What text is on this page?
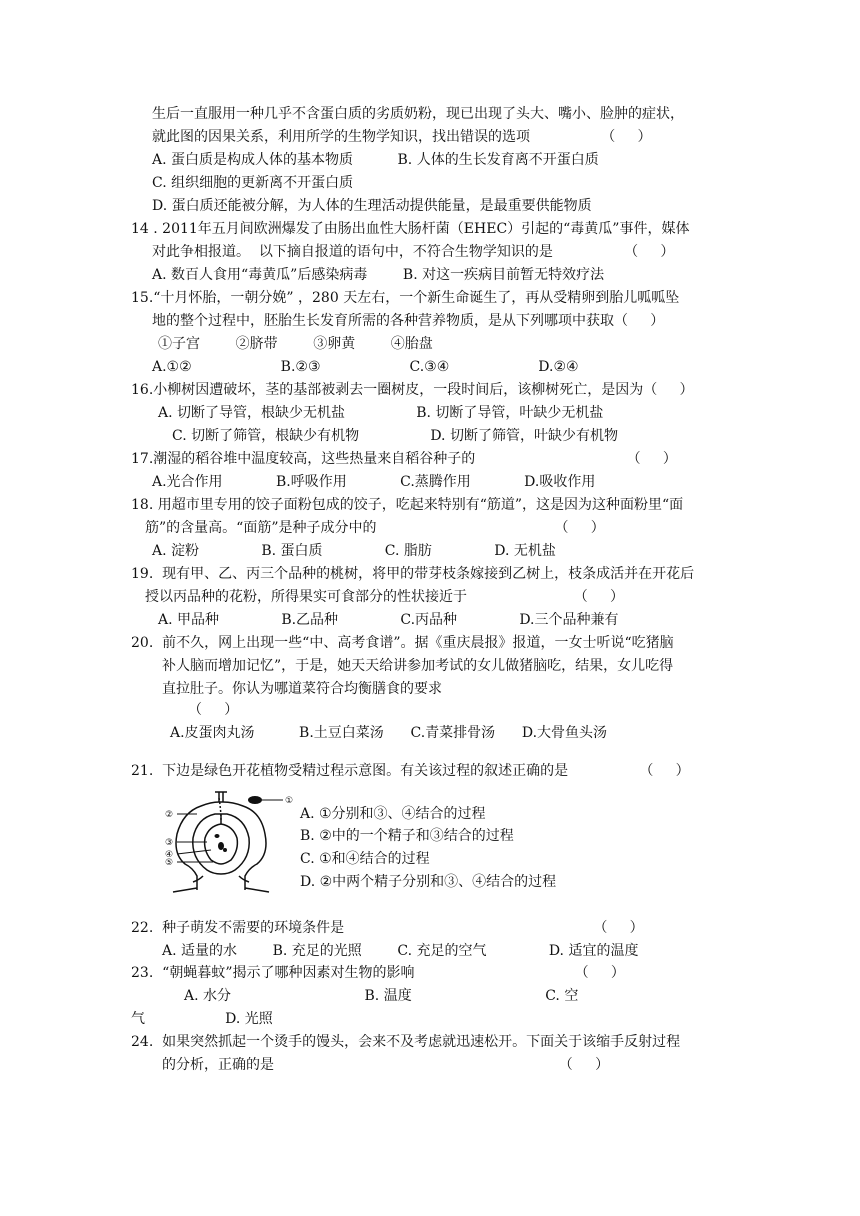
生后一直服用一种几乎不含蛋白质的劣质奶粉，现已出现了头大、嘴小、脸肿的症状，
就此图的因果关系，利用所学的生物学知识，找出错误的选项                （     ）
A. 蛋白质是构成人体的基本物质          B. 人体的生长发育离不开蛋白质
C. 组织细胞的更新离不开蛋白质
D. 蛋白质还能被分解，为人体的生理活动提供能量，是最重要供能物质
14 . 2011年五月间欧洲爆发了由肠出血性大肠杆菌（EHEC）引起的“毒黄瓜”事件，媒体
对此争相报道。  以下摘自报道的语句中，不符合生物学知识的是                （     ）
A. 数百人食用“毒黄瓜”后感染病毒        B. 对这一疾病目前暂无特效疗法
15.“十月怀胎，一朝分娩” ，280 天左右，一个新生命诞生了，再从受精卵到胎儿呱呱坠
地的整个过程中，胚胎生长发育所需的各种营养物质，是从下列哪项中获取（     ）
①子宫        ②脐带        ③卵黄        ④胎盘
A.①②                    B.②③                    C.③④                    D.②④
16.小柳树因遭破坏，茎的基部被剥去一圈树皮，一段时间后，该柳树死亡，是因为（     ）
A. 切断了导管，根缺少无机盐                B. 切断了导管，叶缺少无机盐
C. 切断了筛管，根缺少有机物                D. 切断了筛管，叶缺少有机物
17.潮湿的稻谷堆中温度较高，这些热量来自稻谷种子的                                  （     ）
A.光合作用            B.呼吸作用            C.蒸腾作用            D.吸收作用
18. 用超市里专用的饺子面粉包成的饺子，吃起来特别有“筋道”，这是因为这种面粉里“面
筋”的含量高。“面筋”是种子成分中的                                        （     ）
A. 淀粉              B. 蛋白质              C. 脂肪              D. 无机盐
19.  现有甲、乙、丙三个品种的桃树，将甲的带芽枝条嫁接到乙树上，枝条成活并在开花后
授以丙品种的花粉，所得果实可食部分的性状接近于                        （     ）
A. 甲品种              B.乙品种              C.丙品种              D.三个品种兼有
20.  前不久，网上出现一些“中、高考食谱”。据《重庆晨报》报道，一女士听说“吃猪脑
补人脑而增加记忆”，于是，她天天给讲参加考试的女儿做猪脑吃，结果，女儿吃得
直拉肚子。你认为哪道菜符合均衡膳食的要求
（     ）
A.皮蛋肉丸汤          B.土豆白菜汤      C.青菜排骨汤      D.大骨鱼头汤
21.  下边是绿色开花植物受精过程示意图。有关该过程的叙述正确的是                （     ）
②
③
④
⑤
①
A. ①分别和③、④结合的过程
B. ②中的一个精子和③结合的过程
C. ①和④结合的过程
D. ②中两个精子分别和③、④结合的过程
22.  种子萌发不需要的环境条件是                                                        （     ）
A. 适量的水        B. 充足的光照        C. 充足的空气              D. 适宜的温度
23.  “朝蝇暮蚊”揭示了哪种因素对生物的影响                                    （     ）
A. 水分                              B. 温度                              C. 空
气                  D. 光照
24.  如果突然抓起一个烫手的馒头，会来不及考虑就迅速松开。下面关于该缩手反射过程
的分析，正确的是                                                                （     ）
